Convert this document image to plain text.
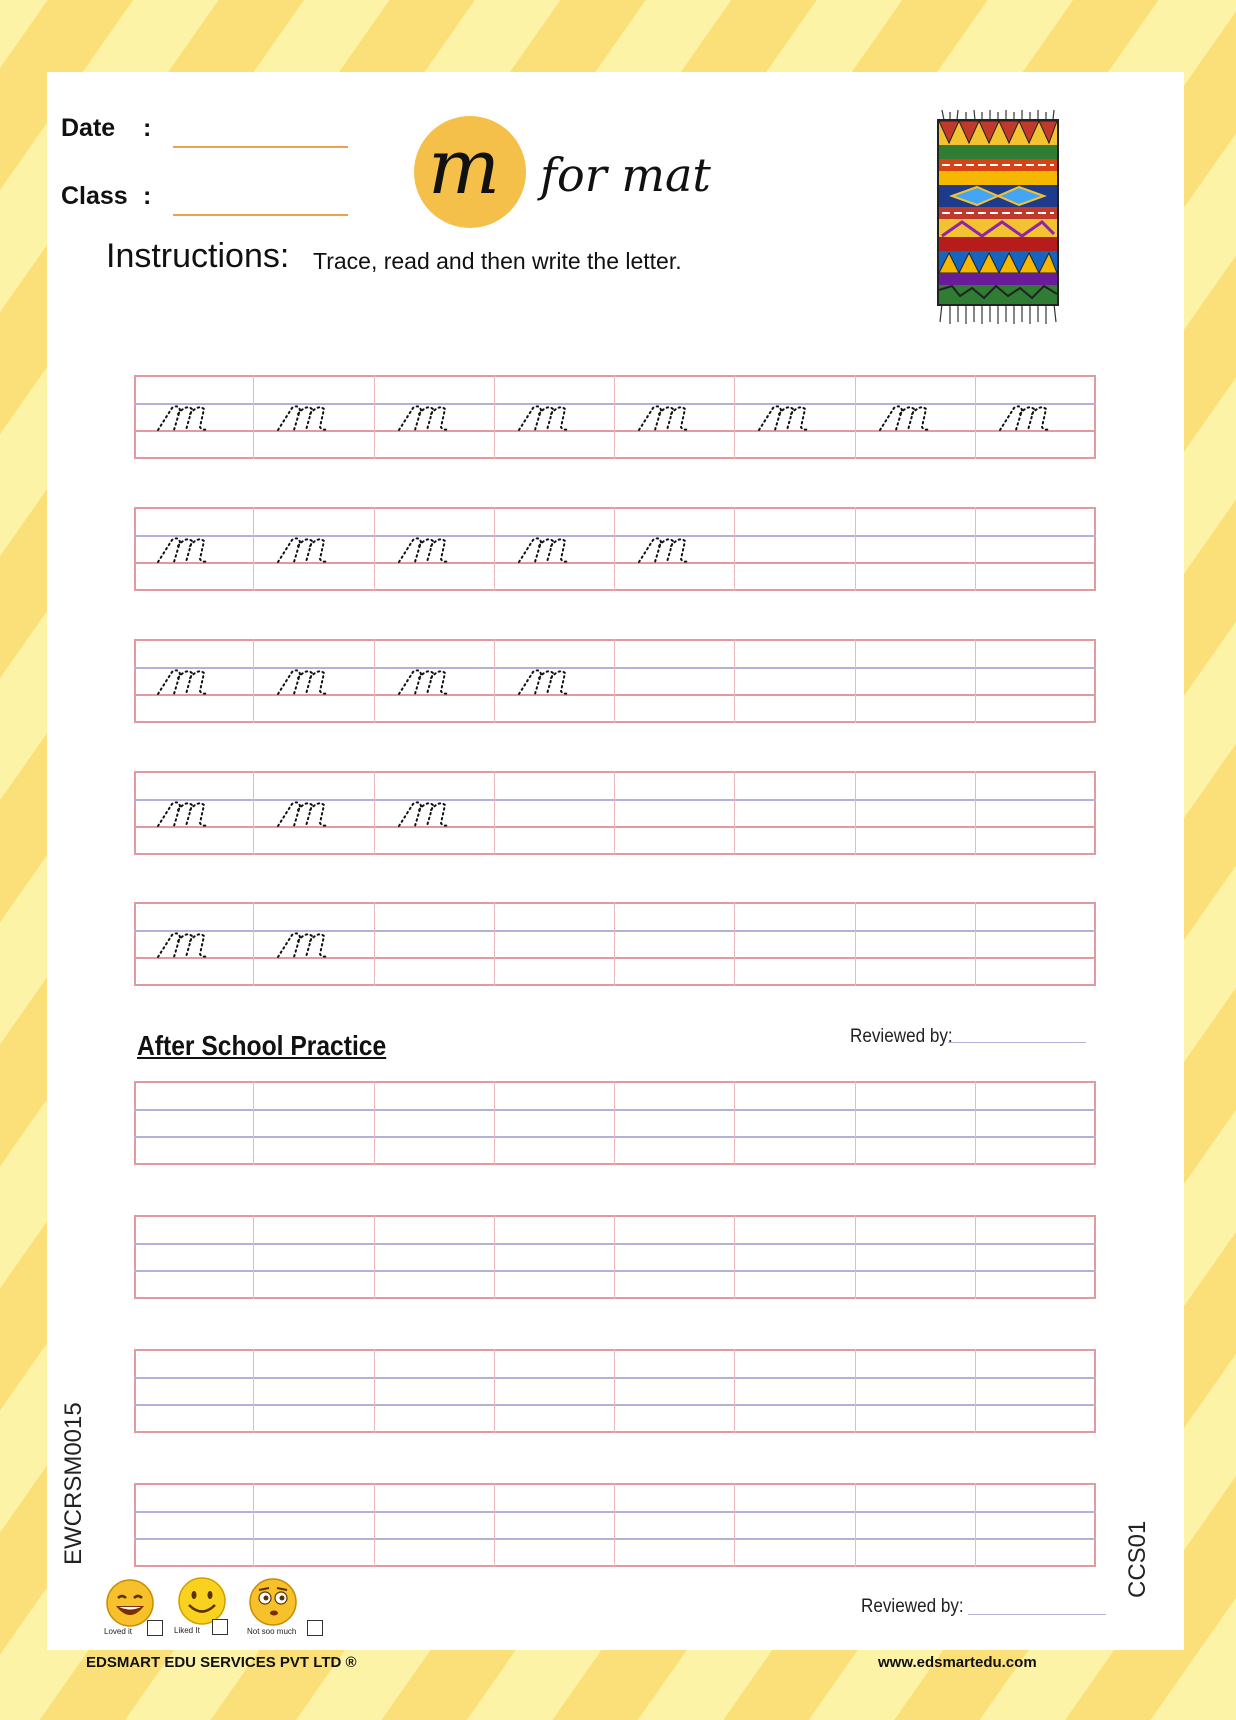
Date :
Class :	m for mat
Instructions: Trace, read and then write the letter.
After School Practice	Reviewed by:
EWCRSM0015	CCS01
Loved it	Liked It	Not soo much
Reviewed by:
EDSMART EDU SERVICES PVT LTD ®	www.edsmartedu.com
